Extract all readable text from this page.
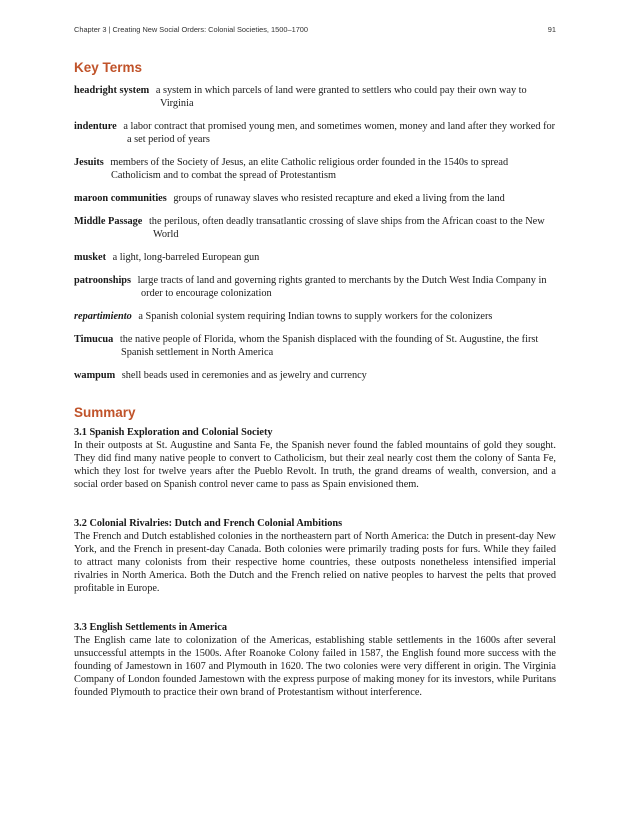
Chapter 3 | Creating New Social Orders: Colonial Societies, 1500–1700	91
Key Terms

headright system a system in which parcels of land were granted to settlers who could pay their own way to Virginia

indenture a labor contract that promised young men, and sometimes women, money and land after they worked for a set period of years

Jesuits members of the Society of Jesus, an elite Catholic religious order founded in the 1540s to spread Catholicism and to combat the spread of Protestantism

maroon communities groups of runaway slaves who resisted recapture and eked a living from the land

Middle Passage the perilous, often deadly transatlantic crossing of slave ships from the African coast to the New World

musket a light, long-barreled European gun

patroonships large tracts of land and governing rights granted to merchants by the Dutch West India Company in order to encourage colonization

repartimiento a Spanish colonial system requiring Indian towns to supply workers for the colonizers

Timucua the native people of Florida, whom the Spanish displaced with the founding of St. Augustine, the first Spanish settlement in North America

wampum shell beads used in ceremonies and as jewelry and currency

Summary

3.1 Spanish Exploration and Colonial Society

In their outposts at St. Augustine and Santa Fe, the Spanish never found the fabled mountains of gold they sought. They did find many native people to convert to Catholicism, but their zeal nearly cost them the colony of Santa Fe, which they lost for twelve years after the Pueblo Revolt. In truth, the grand dreams of wealth, conversion, and a social order based on Spanish control never came to pass as Spain envisioned them.

3.2 Colonial Rivalries: Dutch and French Colonial Ambitions

The French and Dutch established colonies in the northeastern part of North America: the Dutch in present-day New York, and the French in present-day Canada. Both colonies were primarily trading posts for furs. While they failed to attract many colonists from their respective home countries, these outposts nonetheless intensified imperial rivalries in North America. Both the Dutch and the French relied on native peoples to harvest the pelts that proved profitable in Europe.

3.3 English Settlements in America

The English came late to colonization of the Americas, establishing stable settlements in the 1600s after several unsuccessful attempts in the 1500s. After Roanoke Colony failed in 1587, the English found more success with the founding of Jamestown in 1607 and Plymouth in 1620. The two colonies were very different in origin. The Virginia Company of London founded Jamestown with the express purpose of making money for its investors, while Puritans founded Plymouth to practice their own brand of Protestantism without interference.
